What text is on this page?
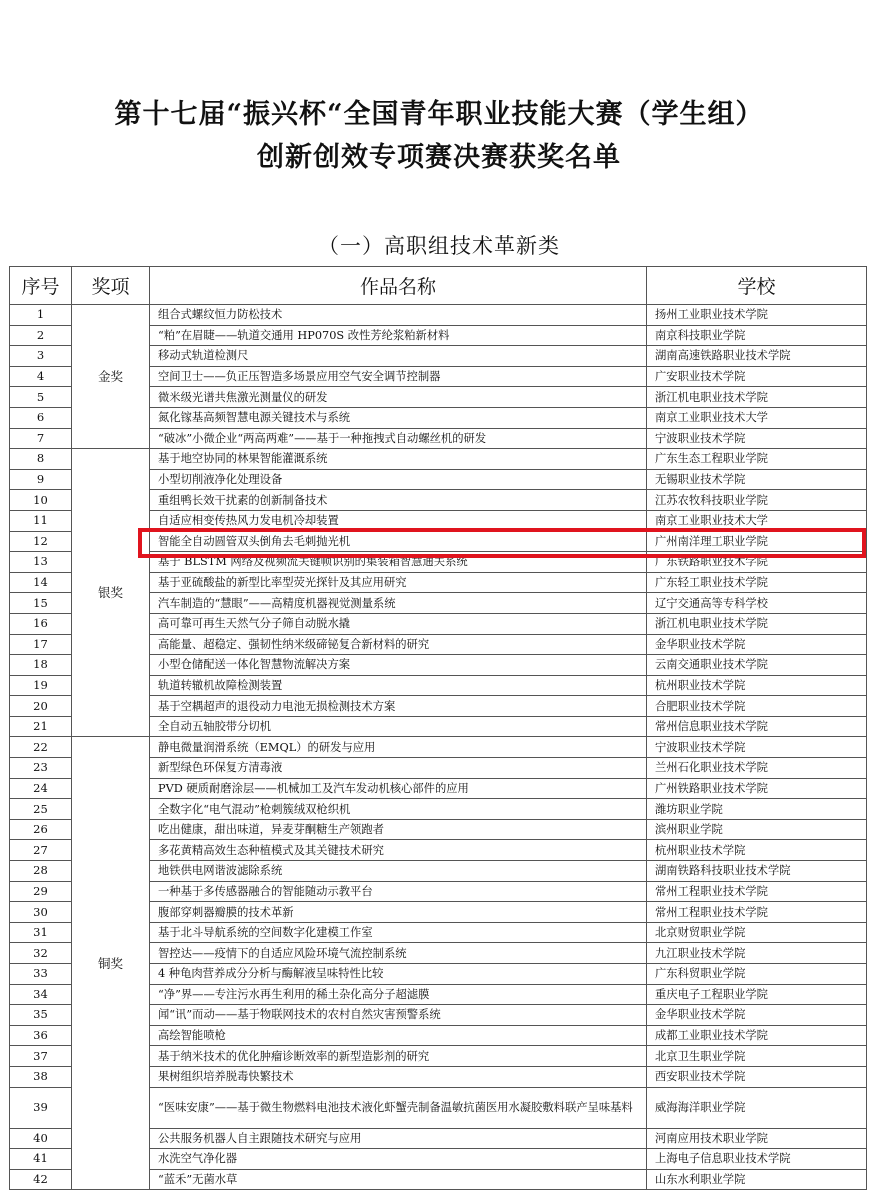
第十七届“振兴杯“全国青年职业技能大赛（学生组）
创新创效专项赛决赛获奖名单
（一）高职组技术革新类
序号	奖项	作品名称	学校
1	金奖	组合式螺纹恒力防松技术	扬州工业职业技术学院
2		“粕”在眉睫——轨道交通用 HP070S 改性芳纶浆粕新材料	南京科技职业学院
3		移动式轨道检测尺	湖南高速铁路职业技术学院
4		空间卫士——负正压智造多场景应用空气安全调节控制器	广安职业技术学院
5		微米级光谱共焦激光测量仪的研发	浙江机电职业技术学院
6		氮化镓基高频智慧电源关键技术与系统	南京工业职业技术大学
7		“破冰”小微企业“两高两难”——基于一种拖拽式自动螺丝机的研发	宁波职业技术学院
8	银奖	基于地空协同的林果智能灌溉系统	广东生态工程职业学院
9		小型切削液净化处理设备	无锡职业技术学院
10		重组鸭长效干扰素的创新制备技术	江苏农牧科技职业学院
11		自适应相变传热风力发电机冷却装置	南京工业职业技术大学
12		智能全自动圆管双头倒角去毛刺抛光机	广州南洋理工职业学院
13		基于 BLSTM 网络及视频流关键帧识别的集装箱智慧通关系统	广东铁路职业技术学院
14		基于亚硫酸盐的新型比率型荧光探针及其应用研究	广东轻工职业技术学院
15		汽车制造的“慧眼”——高精度机器视觉测量系统	辽宁交通高等专科学校
16		高可靠可再生天然气分子筛自动脱水撬	浙江机电职业技术学院
17		高能量、超稳定、强韧性纳米级碲铋复合新材料的研究	金华职业技术学院
18		小型仓储配送一体化智慧物流解决方案	云南交通职业技术学院
19		轨道转辙机故障检测装置	杭州职业技术学院
20		基于空耦超声的退役动力电池无损检测技术方案	合肥职业技术学院
21		全自动五轴胶带分切机	常州信息职业技术学院
22	铜奖	静电微量润滑系统（EMQL）的研发与应用	宁波职业技术学院
23		新型绿色环保复方清毒液	兰州石化职业技术学院
24		PVD 硬质耐磨涂层——机械加工及汽车发动机核心部件的应用	广州铁路职业技术学院
25		全数字化“电气混动”枪刺簇绒双枪织机	潍坊职业学院
26		吃出健康，甜出味道，异麦芽酮糖生产领跑者	滨州职业学院
27		多花黄精高效生态种植模式及其关键技术研究	杭州职业技术学院
28		地铁供电网谐波滤除系统	湖南铁路科技职业技术学院
29		一种基于多传感器融合的智能随动示教平台	常州工程职业技术学院
30		腹部穿刺器瓣膜的技术革新	常州工程职业技术学院
31		基于北斗导航系统的空间数字化建模工作室	北京财贸职业学院
32		智控达——疫情下的自适应风险环境气流控制系统	九江职业技术学院
33		4 种龟肉营养成分分析与酶解液呈味特性比较	广东科贸职业学院
34		“净”界——专注污水再生利用的稀土杂化高分子超滤膜	重庆电子工程职业学院
35		闻“讯”而动——基于物联网技术的农村自然灾害预警系统	金华职业技术学院
36		高绘智能喷枪	成都工业职业技术学院
37		基于纳米技术的优化肿瘤诊断效率的新型造影剂的研究	北京卫生职业学院
38		果树组织培养脱毒快繁技术	西安职业技术学院
39		“医味安康”——基于微生物燃料电池技术液化虾蟹壳制备温敏抗菌医用水凝胶敷料联产呈味基料	威海海洋职业学院
40		公共服务机器人自主跟随技术研究与应用	河南应用技术职业学院
41		水洗空气净化器	上海电子信息职业技术学院
42		“蓝禾”无菌水草	山东水利职业学院
